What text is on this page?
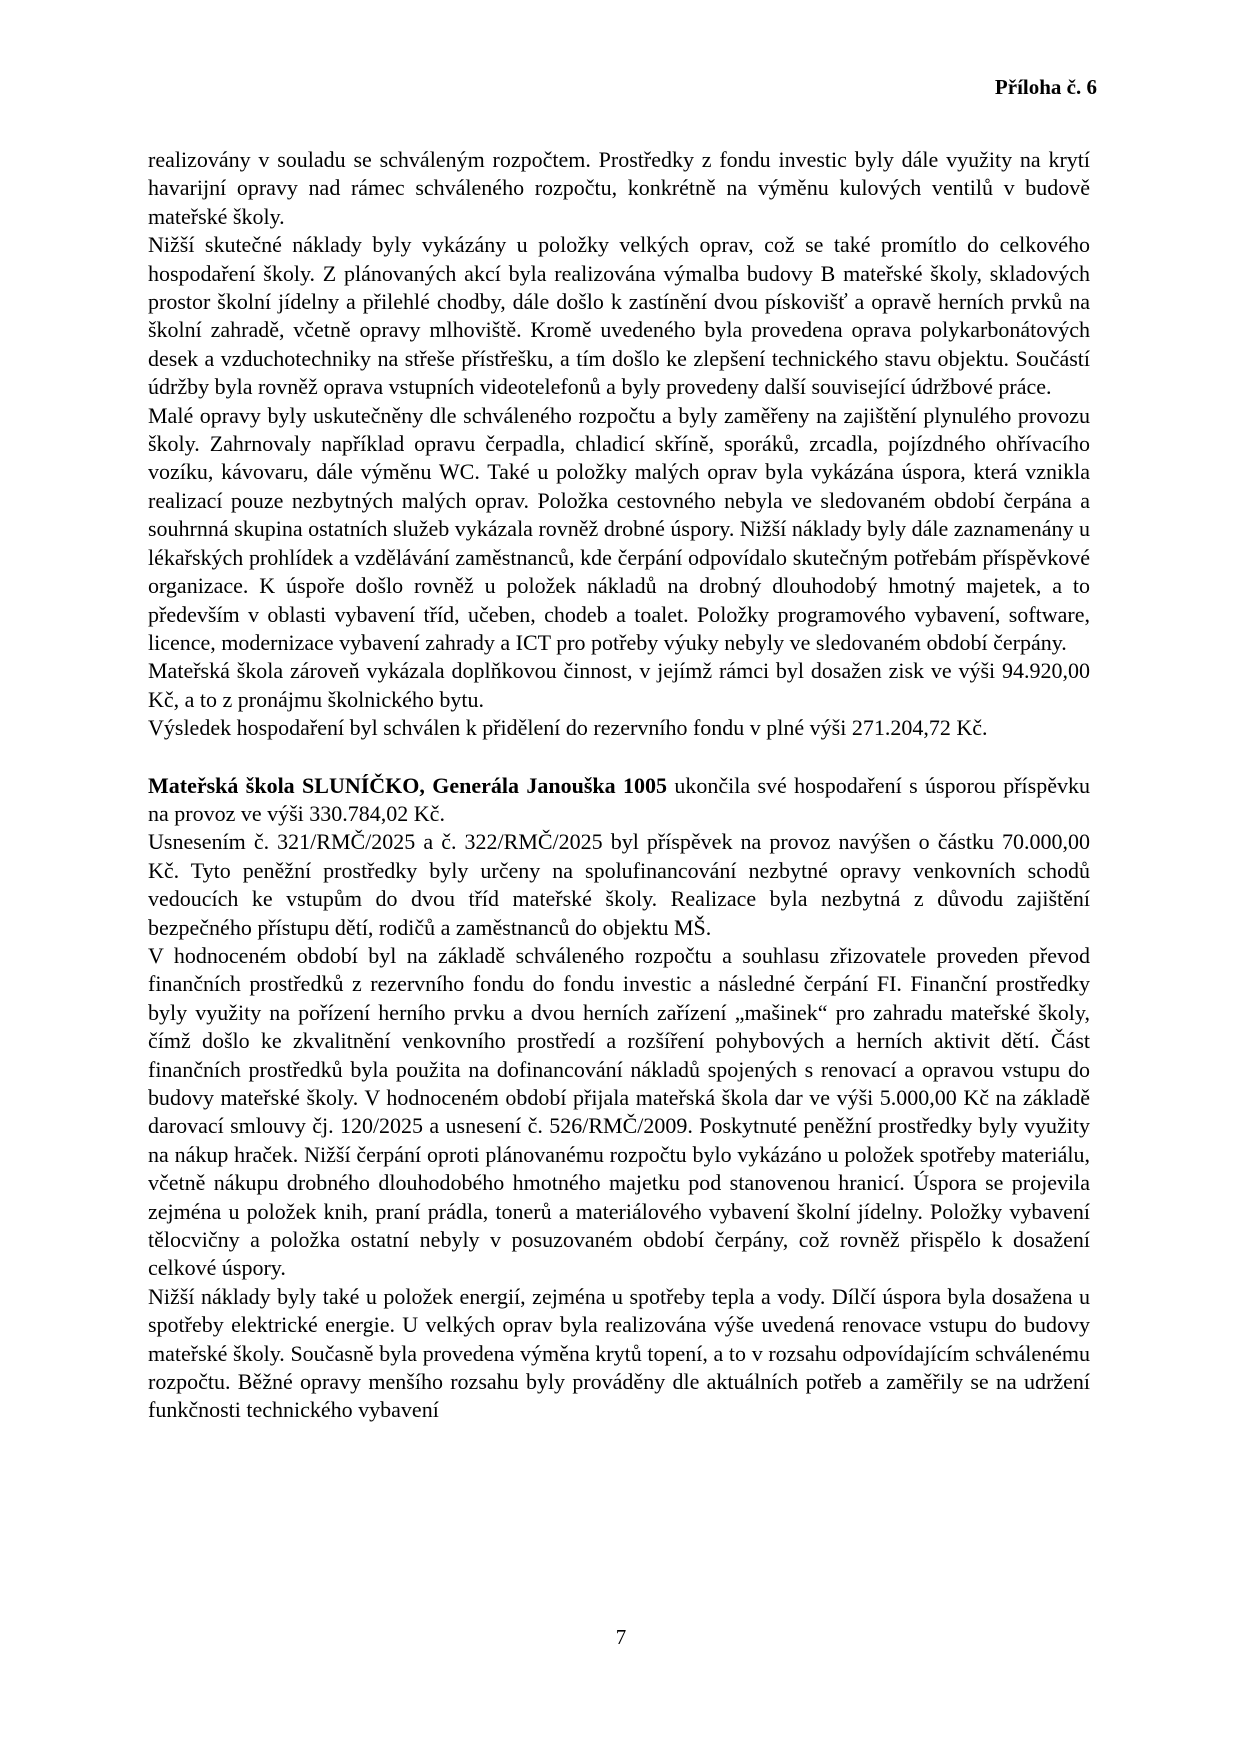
Příloha č. 6

realizovány v souladu se schváleným rozpočtem. Prostředky z fondu investic byly dále využity na krytí havarijní opravy nad rámec schváleného rozpočtu, konkrétně na výměnu kulových ventilů v budově mateřské školy.

Nižší skutečné náklady byly vykázány u položky velkých oprav, což se také promítlo do celkového hospodaření školy. Z plánovaných akcí byla realizována výmalba budovy B mateřské školy, skladových prostor školní jídelny a přilehlé chodby, dále došlo k zastínění dvou pískovišť a opravě herních prvků na školní zahradě, včetně opravy mlhoviště. Kromě uvedeného byla provedena oprava polykarbonátových desek a vzduchotechniky na střeše přístřešku, a tím došlo ke zlepšení technického stavu objektu. Součástí údržby byla rovněž oprava vstupních videotelefonů a byly provedeny další související údržbové práce.

Malé opravy byly uskutečněny dle schváleného rozpočtu a byly zaměřeny na zajištění plynulého provozu školy. Zahrnovaly například opravu čerpadla, chladicí skříně, sporáků, zrcadla, pojízdného ohřívacího vozíku, kávovaru, dále výměnu WC. Také u položky malých oprav byla vykázána úspora, která vznikla realizací pouze nezbytných malých oprav. Položka cestovného nebyla ve sledovaném období čerpána a souhrnná skupina ostatních služeb vykázala rovněž drobné úspory. Nižší náklady byly dále zaznamenány u lékařských prohlídek a vzdělávání zaměstnanců, kde čerpání odpovídalo skutečným potřebám příspěvkové organizace. K úspoře došlo rovněž u položek nákladů na drobný dlouhodobý hmotný majetek, a to především v oblasti vybavení tříd, učeben, chodeb a toalet. Položky programového vybavení, software, licence, modernizace vybavení zahrady a ICT pro potřeby výuky nebyly ve sledovaném období čerpány.

Mateřská škola zároveň vykázala doplňkovou činnost, v jejímž rámci byl dosažen zisk ve výši 94.920,00 Kč, a to z pronájmu školnického bytu.

Výsledek hospodaření byl schválen k přidělení do rezervního fondu v plné výši 271.204,72 Kč.

Mateřská škola SLUNÍČKO, Generála Janouška 1005 ukončila své hospodaření s úsporou příspěvku na provoz ve výši 330.784,02 Kč.

Usnesením č. 321/RMČ/2025 a č. 322/RMČ/2025 byl příspěvek na provoz navýšen o částku 70.000,00 Kč. Tyto peněžní prostředky byly určeny na spolufinancování nezbytné opravy venkovních schodů vedoucích ke vstupům do dvou tříd mateřské školy. Realizace byla nezbytná z důvodu zajištění bezpečného přístupu dětí, rodičů a zaměstnanců do objektu MŠ.

V hodnoceném období byl na základě schváleného rozpočtu a souhlasu zřizovatele proveden převod finančních prostředků z rezervního fondu do fondu investic a následné čerpání FI. Finanční prostředky byly využity na pořízení herního prvku a dvou herních zařízení „mašinek“ pro zahradu mateřské školy, čímž došlo ke zkvalitnění venkovního prostředí a rozšíření pohybových a herních aktivit dětí. Část finančních prostředků byla použita na dofinancování nákladů spojených s renovací a opravou vstupu do budovy mateřské školy. V hodnoceném období přijala mateřská škola dar ve výši 5.000,00 Kč na základě darovací smlouvy čj. 120/2025 a usnesení č. 526/RMČ/2009. Poskytnuté peněžní prostředky byly využity na nákup hraček. Nižší čerpání oproti plánovanému rozpočtu bylo vykázáno u položek spotřeby materiálu, včetně nákupu drobného dlouhodobého hmotného majetku pod stanovenou hranicí. Úspora se projevila zejména u položek knih, praní prádla, tonerů a materiálového vybavení školní jídelny. Položky vybavení tělocvičny a položka ostatní nebyly v posuzovaném období čerpány, což rovněž přispělo k dosažení celkové úspory.

Nižší náklady byly také u položek energií, zejména u spotřeby tepla a vody. Dílčí úspora byla dosažena u spotřeby elektrické energie. U velkých oprav byla realizována výše uvedená renovace vstupu do budovy mateřské školy. Současně byla provedena výměna krytů topení, a to v rozsahu odpovídajícím schválenému rozpočtu. Běžné opravy menšího rozsahu byly prováděny dle aktuálních potřeb a zaměřily se na udržení funkčnosti technického vybavení

7
